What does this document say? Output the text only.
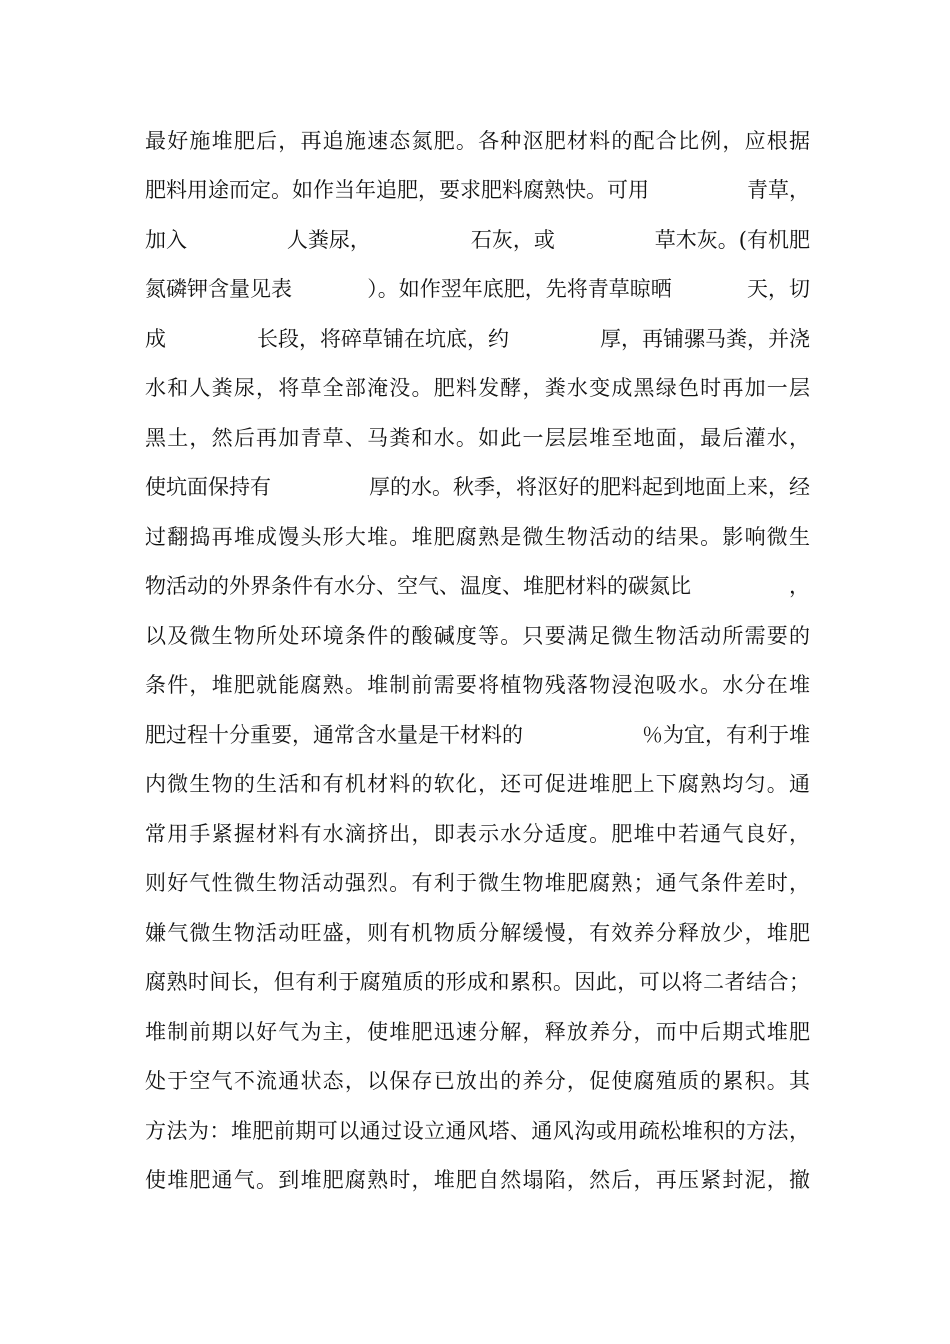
最好施堆肥后，再追施速态氮肥。各种沤肥材料的配合比例，应根据
肥料用途而定。如作当年追肥，要求肥料腐熟快。可用	青草，
加入	人粪尿，	石灰，或	草木灰。(有机肥
氮磷钾含量见表	）。如作翌年底肥，先将青草晾晒	天，切
成	长段，将碎草铺在坑底，约	厚，再铺骡马粪，并浇
水和人粪尿，将草全部淹没。肥料发酵，粪水变成黑绿色时再加一层
黑土，然后再加青草、马粪和水。如此一层层堆至地面，最后灌水，
使坑面保持有	厚的水。秋季，将沤好的肥料起到地面上来，经
过翻捣再堆成馒头形大堆。堆肥腐熟是微生物活动的结果。影响微生
物活动的外界条件有水分、空气、温度、堆肥材料的碳氮比	，
以及微生物所处环境条件的酸碱度等。只要满足微生物活动所需要的
条件，堆肥就能腐熟。堆制前需要将植物残落物浸泡吸水。水分在堆
肥过程十分重要，通常含水量是干材料的	％为宜，有利于堆
内微生物的生活和有机材料的软化，还可促进堆肥上下腐熟均匀。通
常用手紧握材料有水滴挤出，即表示水分适度。肥堆中若通气良好，
则好气性微生物活动强烈。有利于微生物堆肥腐熟；通气条件差时，
嫌气微生物活动旺盛，则有机物质分解缓慢，有效养分释放少，堆肥
腐熟时间长，但有利于腐殖质的形成和累积。因此，可以将二者结合；
堆制前期以好气为主，使堆肥迅速分解，释放养分，而中后期式堆肥
处于空气不流通状态，以保存已放出的养分，促使腐殖质的累积。其
方法为：堆肥前期可以通过设立通风塔、通风沟或用疏松堆积的方法，
使堆肥通气。到堆肥腐熟时，堆肥自然塌陷，然后，再压紧封泥，撤
